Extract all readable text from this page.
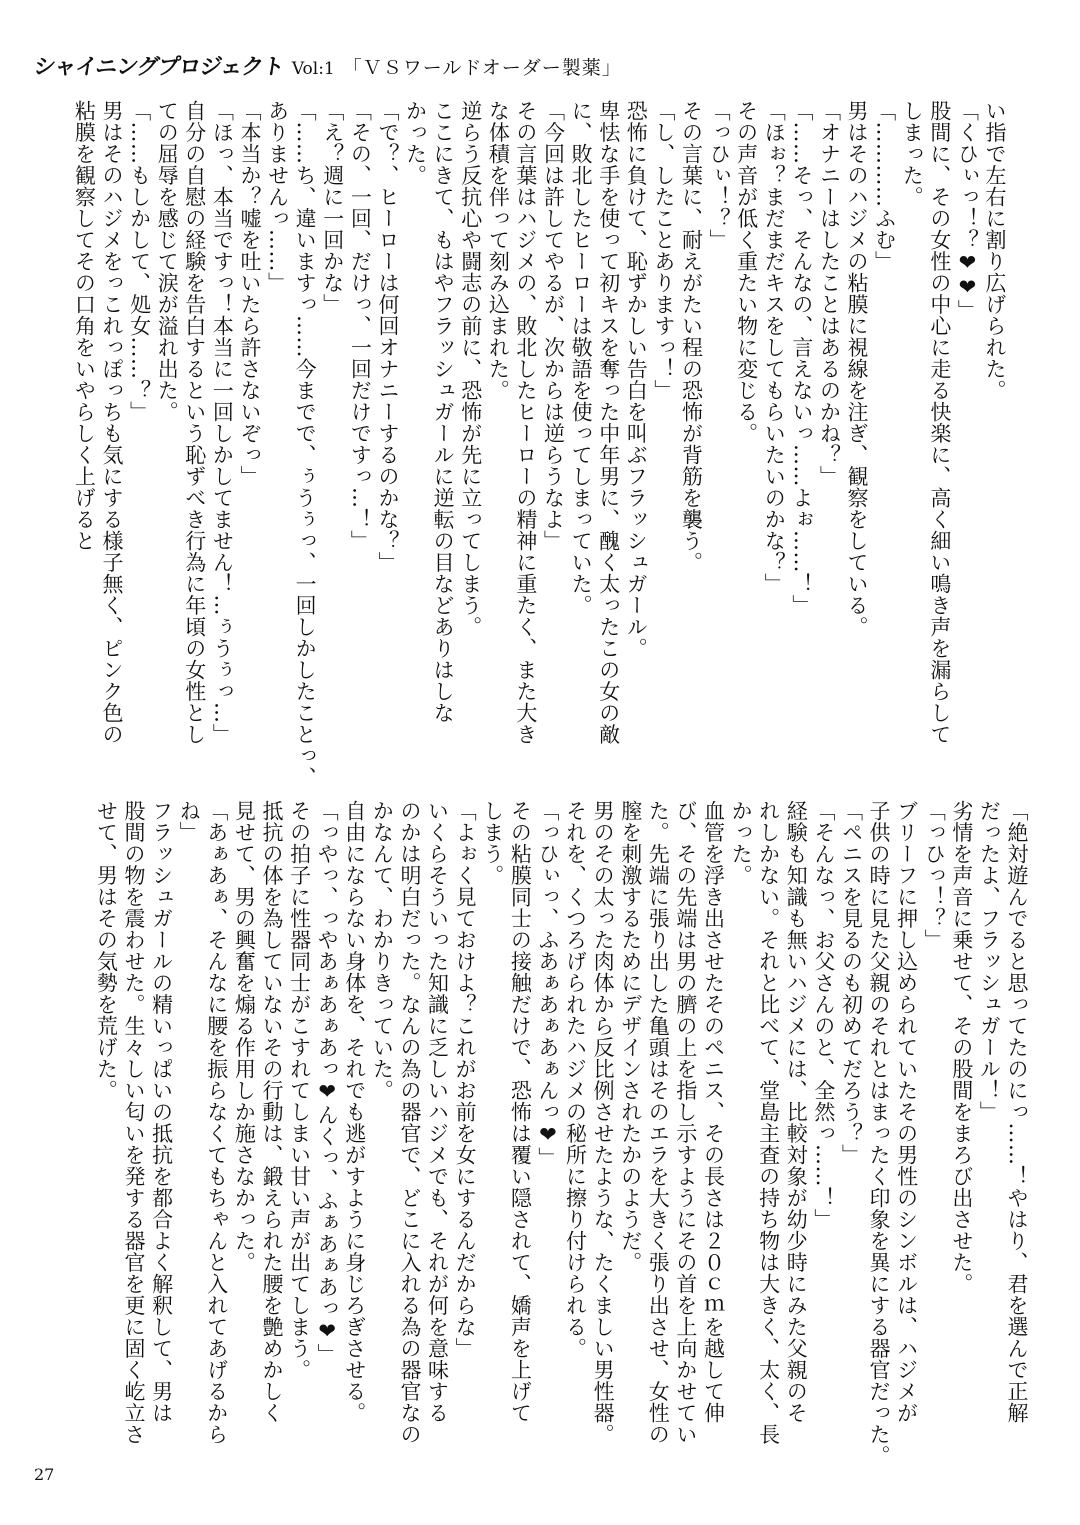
シャイニングプロジェクト Vol:1 「ＶＳワールドオーダー製薬」
い指で左右に割り広げられた。
「くひぃっ！？❤❤」
股間に、その女性の中心に走る快楽に、高く細い鳴き声を漏らして
しまった。
「…………ふむ」
男はそのハジメの粘膜に視線を注ぎ、観察をしている。
「オナニーはしたことはあるのかね？」
「……そっ、そんなの、言えないっ……よぉ……！」
「ほぉ？まだまだキスをしてもらいたいのかな？」
その声音が低く重たい物に変じる。
「っひぃ！？」
その言葉に、耐えがたい程の恐怖が背筋を襲う。
「し、したことありますっ！」
恐怖に負けて、恥ずかしい告白を叫ぶフラッシュガール。
卑怯な手を使って初キスを奪った中年男に、醜く太ったこの女の敵
に、敗北したヒーローは敬語を使ってしまっていた。
「今回は許してやるが、次からは逆らうなよ」
その言葉はハジメの、敗北したヒーローの精神に重たく、また大き
な体積を伴って刻み込まれた。
逆らう反抗心や闘志の前に、恐怖が先に立ってしまう。
ここにきて、もはやフラッシュガールに逆転の目などありはしな
かった。
「で？、ヒーローは何回オナニーするのかな？」
「その、一回、だけっ、一回だけですっ…！」
「え？週に一回かな」
「……ち、違いますっ……今までで、ぅうぅっ、一回しかしたことっ、
ありませんっ……」
「本当か？嘘を吐いたら許さないぞっ」
「ほっ、本当ですっ！本当に一回しかしてません！…ぅうぅっ…」
自分の自慰の経験を告白するという恥ずべき行為に年頃の女性とし
ての屈辱を感じて涙が溢れ出た。
「……もしかして、処女……？」
男はそのハジメをっこれっぽっちも気にする様子無く、ピンク色の
粘膜を観察してその口角をいやらしく上げると
「絶対遊んでると思ってたのにっ……！やはり、君を選んで正解
だったよ、フラッシュガール！」
劣情を声音に乗せて、その股間をまろび出させた。
「っひっ！？」
ブリーフに押し込められていたその男性のシンボルは、ハジメが
子供の時に見た父親のそれとはまったく印象を異にする器官だった。
「ペニスを見るのも初めてだろう？」
「そんなっ、お父さんのと、全然っ……！」
経験も知識も無いハジメには、比較対象が幼少時にみた父親のそ
れしかない。それと比べて、堂島主査の持ち物は大きく、太く、長
かった。
血管を浮き出させたそのペニス、その長さは２０ｃｍを越して伸
び、その先端は男の臍の上を指し示すようにその首を上向かせてい
た。先端に張り出した亀頭はそのエラを大きく張り出させ、女性の
膣を刺激するためにデザインされたかのようだ。
男のその太った肉体から反比例させたような、たくましい男性器。
それを、くつろげられたハジメの秘所に擦り付けられる。
「っひぃっ、ふあぁあぁあぁんっ❤」
その粘膜同士の接触だけで、恐怖は覆い隠されて、嬌声を上げて
しまう。
「よぉく見ておけよ？これがお前を女にするんだからな」
いくらそういった知識に乏しいハジメでも、それが何を意味する
のかは明白だった。なんの為の器官で、どこに入れる為の器官なの
かなんて、わかりきっていた。
自由にならない身体を、それでも逃がすように身じろぎさせる。
「っやっ、っやあぁあぁあっ❤んくっ、ふぁあぁあっ❤」
その拍子に性器同士がこすれてしまい甘い声が出てしまう。
抵抗の体を為していないその行動は、鍛えられた腰を艶めかしく
見せて、男の興奮を煽る作用しか施さなかった。
「あぁあぁ、そんなに腰を振らなくてもちゃんと入れてあげるから
ね」
フラッシュガールの精いっぱいの抵抗を都合よく解釈して、男は
股間の物を震わせた。生々しい匂いを発する器官を更に固く屹立さ
せて、男はその気勢を荒げた。
27
